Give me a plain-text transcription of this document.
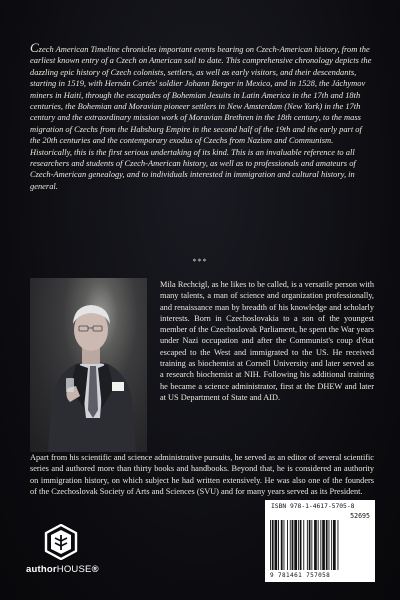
Czech American Timeline chronicles important events bearing on Czech-American history, from the earliest known entry of a Czech on American soil to date. This comprehensive chronology depicts the dazzling epic history of Czech colonists, settlers, as well as early visitors, and their descendants, starting in 1519, with Hernán Cortés' soldier Johann Berger in Mexico, and in 1528, the Jáchymov miners in Haiti, through the escapades of Bohemian Jesuits in Latin America in the 17th and 18th centuries, the Bohemian and Moravian pioneer settlers in New Amsterdam (New York) in the 17th century and the extraordinary mission work of Moravian Brethren in the 18th century, to the mass migration of Czechs from the Habsburg Empire in the second half of the 19th and the early part of the 20th centuries and the contemporary exodus of Czechs from Nazism and Communism. Historically, this is the first serious undertaking of its kind. This is an invaluable reference to all researchers and students of Czech-American history, as well as to professionals and amateurs of Czech-American genealogy, and to individuals interested in immigration and cultural history, in general.

***

Mila Rechcigl, as he likes to be called, is a versatile person with many talents, a man of science and organization professionally, and renaissance man by breadth of his knowledge and scholarly interests. Born in Czechoslovakia to a son of the youngest member of the Czechoslovak Parliament, he spent the War years under Nazi occupation and after the Communist's coup d'état escaped to the West and immigrated to the US. He received training as biochemist at Cornell University and later served as a research biochemist at NIH. Following his additional training he became a science administrator, first at the DHEW and later at US Department of State and AID.

Apart from his scientific and science administrative pursuits, he served as an editor of several scientific series and authored more than thirty books and handbooks. Beyond that, he is considered an authority on immigration history, on which subject he had written extensively. He was also one of the founders of the Czechoslovak Society of Arts and Sciences (SVU) and for many years served as its President.

authorHOUSE®
ISBN 978-1-4617-5705-8
52695
9 781461 757058
